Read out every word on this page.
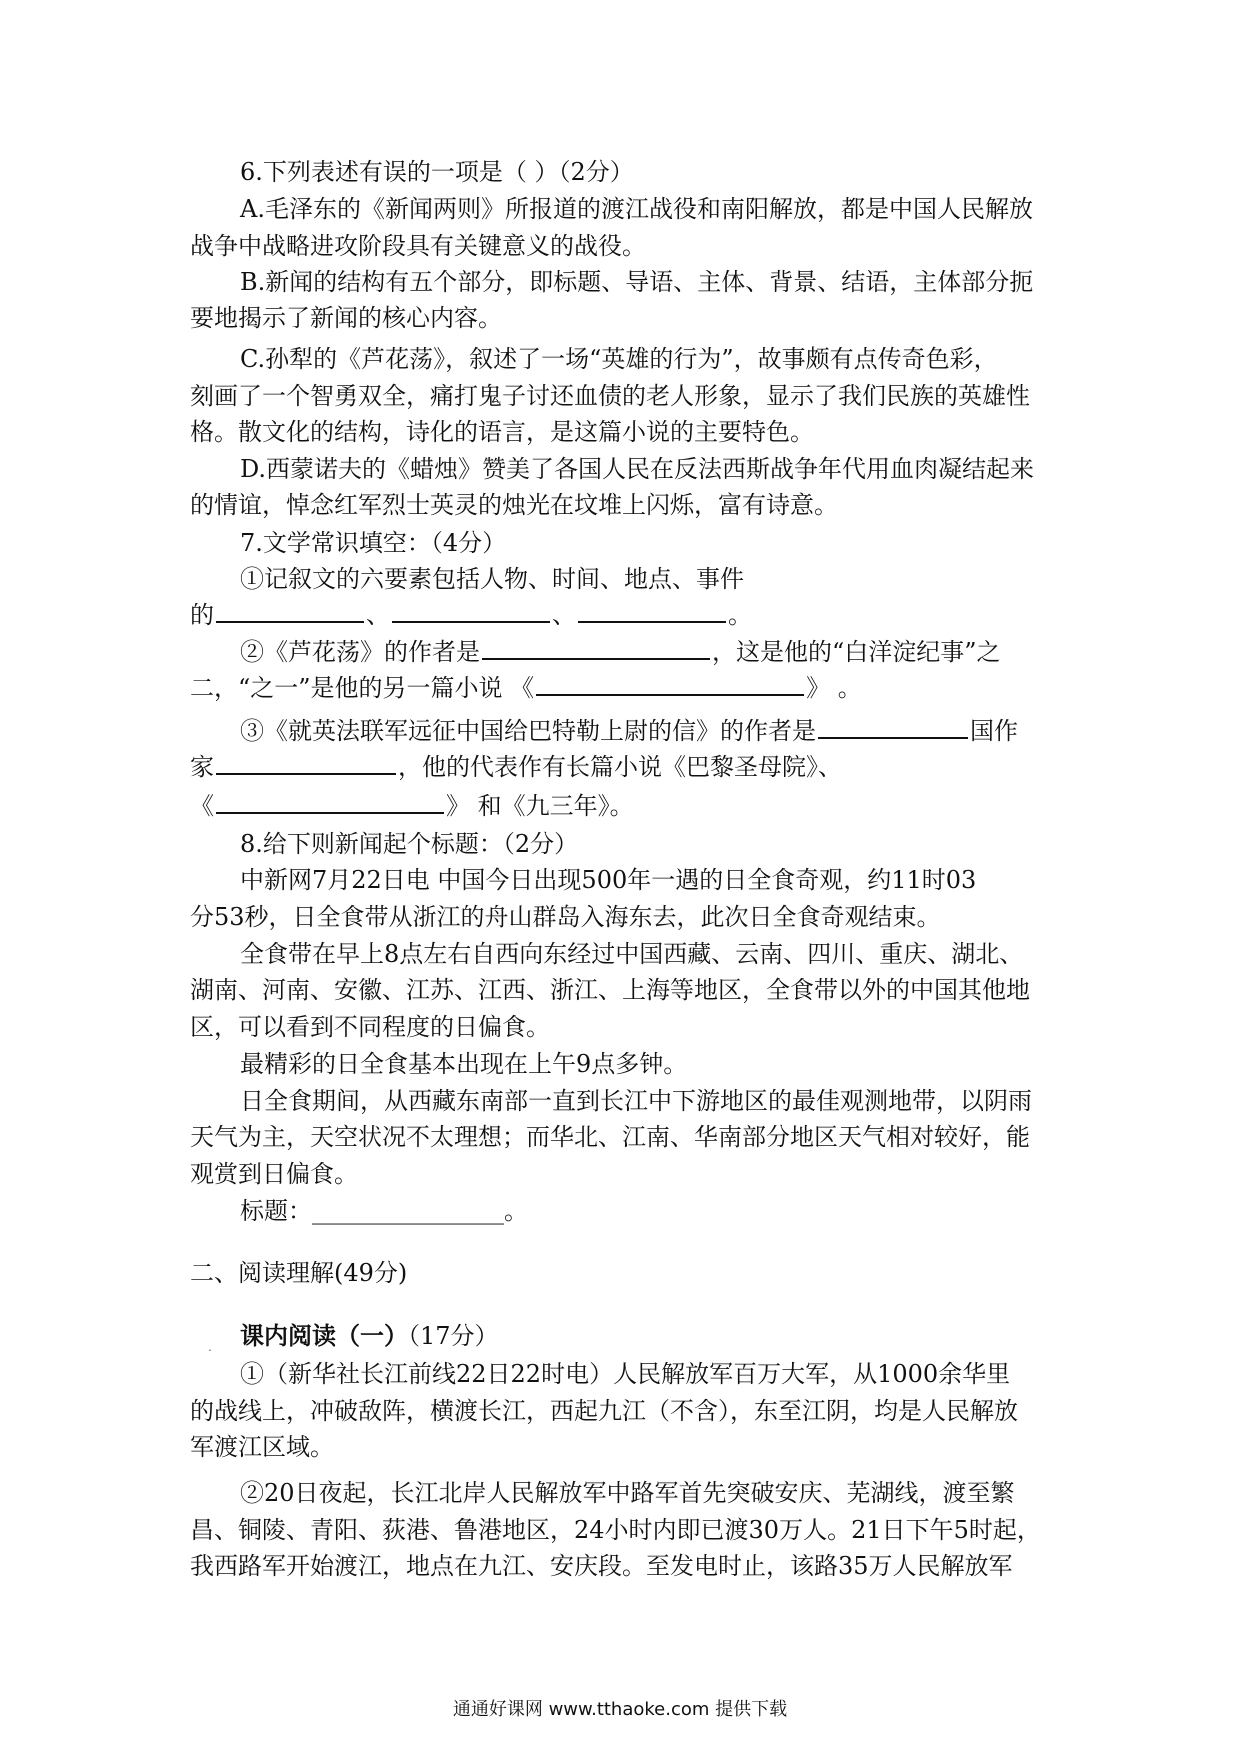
6.下列表述有误的一项是（ ）（2分）
A.毛泽东的《新闻两则》所报道的渡江战役和南阳解放，都是中国人民解放
战争中战略进攻阶段具有关键意义的战役。
B.新闻的结构有五个部分，即标题、导语、主体、背景、结语，主体部分扼
要地揭示了新闻的核心内容。
C.孙犁的《芦花荡》，叙述了一场“英雄的行为”，故事颇有点传奇色彩，
刻画了一个智勇双全，痛打鬼子讨还血债的老人形象，显示了我们民族的英雄性
格。散文化的结构，诗化的语言，是这篇小说的主要特色。
D.西蒙诺夫的《蜡烛》赞美了各国人民在反法西斯战争年代用血肉凝结起来
的情谊，悼念红军烈士英灵的烛光在坟堆上闪烁，富有诗意。
7.文学常识填空：（4分）
①记叙文的六要素包括人物、时间、地点、事件
的	、	、	。
②《芦花荡》的作者是	，这是他的“白洋淀纪事”之
二，“之一”是他的另一篇小说 《	》 。
③《就英法联军远征中国给巴特勒上尉的信》的作者是	国作
家	，他的代表作有长篇小说《巴黎圣母院》、
《	》 和《九三年》。
8.给下则新闻起个标题：（2分）
中新网7月22日电 中国今日出现500年一遇的日全食奇观，约11时03
分53秒，日全食带从浙江的舟山群岛入海东去，此次日全食奇观结束。
全食带在早上8点左右自西向东经过中国西藏、云南、四川、重庆、湖北、
湖南、河南、安徽、江苏、江西、浙江、上海等地区，全食带以外的中国其他地
区，可以看到不同程度的日偏食。
最精彩的日全食基本出现在上午9点多钟。
日全食期间，从西藏东南部一直到长江中下游地区的最佳观测地带，以阴雨
天气为主，天空状况不太理想；而华北、江南、华南部分地区天气相对较好，能
观赏到日偏食。
标题：________________。
二、阅读理解(49分)
. 课内阅读（一）（17分）
①（新华社长江前线22日22时电）人民解放军百万大军，从1000余华里
的战线上，冲破敌阵，横渡长江，西起九江（不含），东至江阴，均是人民解放
军渡江区域。
②20日夜起，长江北岸人民解放军中路军首先突破安庆、芜湖线，渡至繁
昌、铜陵、青阳、荻港、鲁港地区，24小时内即已渡30万人。21日下午5时起，
我西路军开始渡江，地点在九江、安庆段。至发电时止，该路35万人民解放军
通通好课网 www.tthaoke.com 提供下载
